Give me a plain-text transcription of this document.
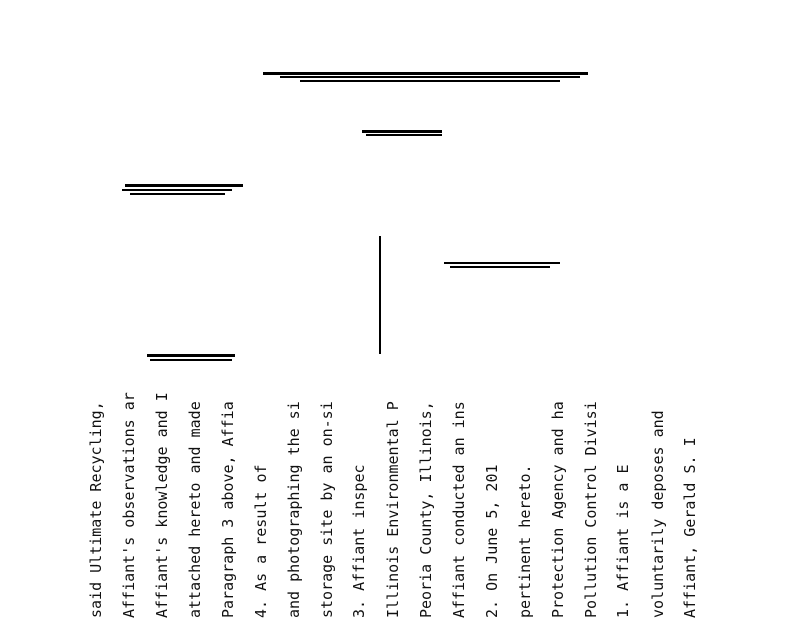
Affiant, Gerald S. I
voluntarily deposes and
1. Affiant is a E
Pollution Control Divisi
Protection Agency and ha
pertinent hereto.
2. On June 5, 201
Affiant conducted an ins
Peoria County, Illinois,
Illinois Environmental P
3. Affiant inspec
storage site by an on-si
and photographing the si
4. As a result of
Paragraph 3 above, Affia
attached hereto and made
Affiant's knowledge and I
Affiant's observations ar
said Ultimate Recycling,
